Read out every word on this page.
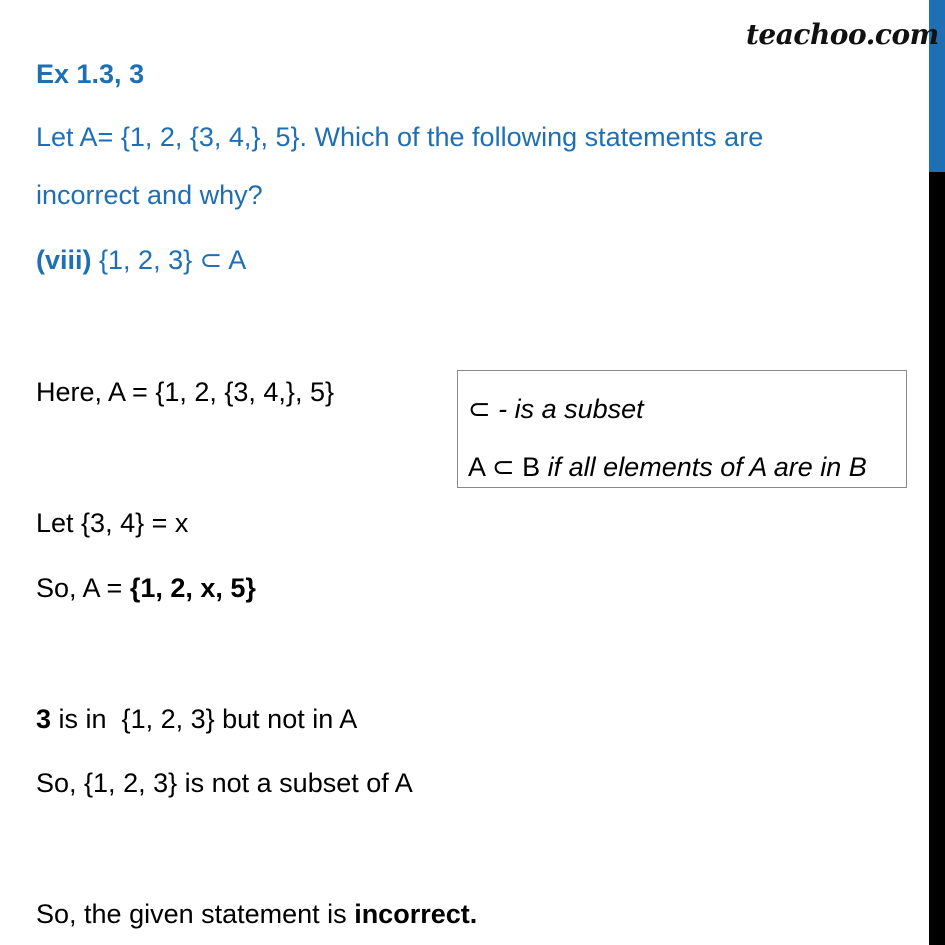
teachoo.com
Ex 1.3, 3
Let A= {1, 2, {3, 4,}, 5}. Which of the following statements are
incorrect and why?
(viii) {1, 2, 3} ⊂ A
Here, A = {1, 2, {3, 4,}, 5}
⊂ - is a subset
A ⊂ B if all elements of A are in B
Let {3, 4} = x
So, A = {1, 2, x, 5}
3 is in  {1, 2, 3} but not in A
So, {1, 2, 3} is not a subset of A
So, the given statement is incorrect.
